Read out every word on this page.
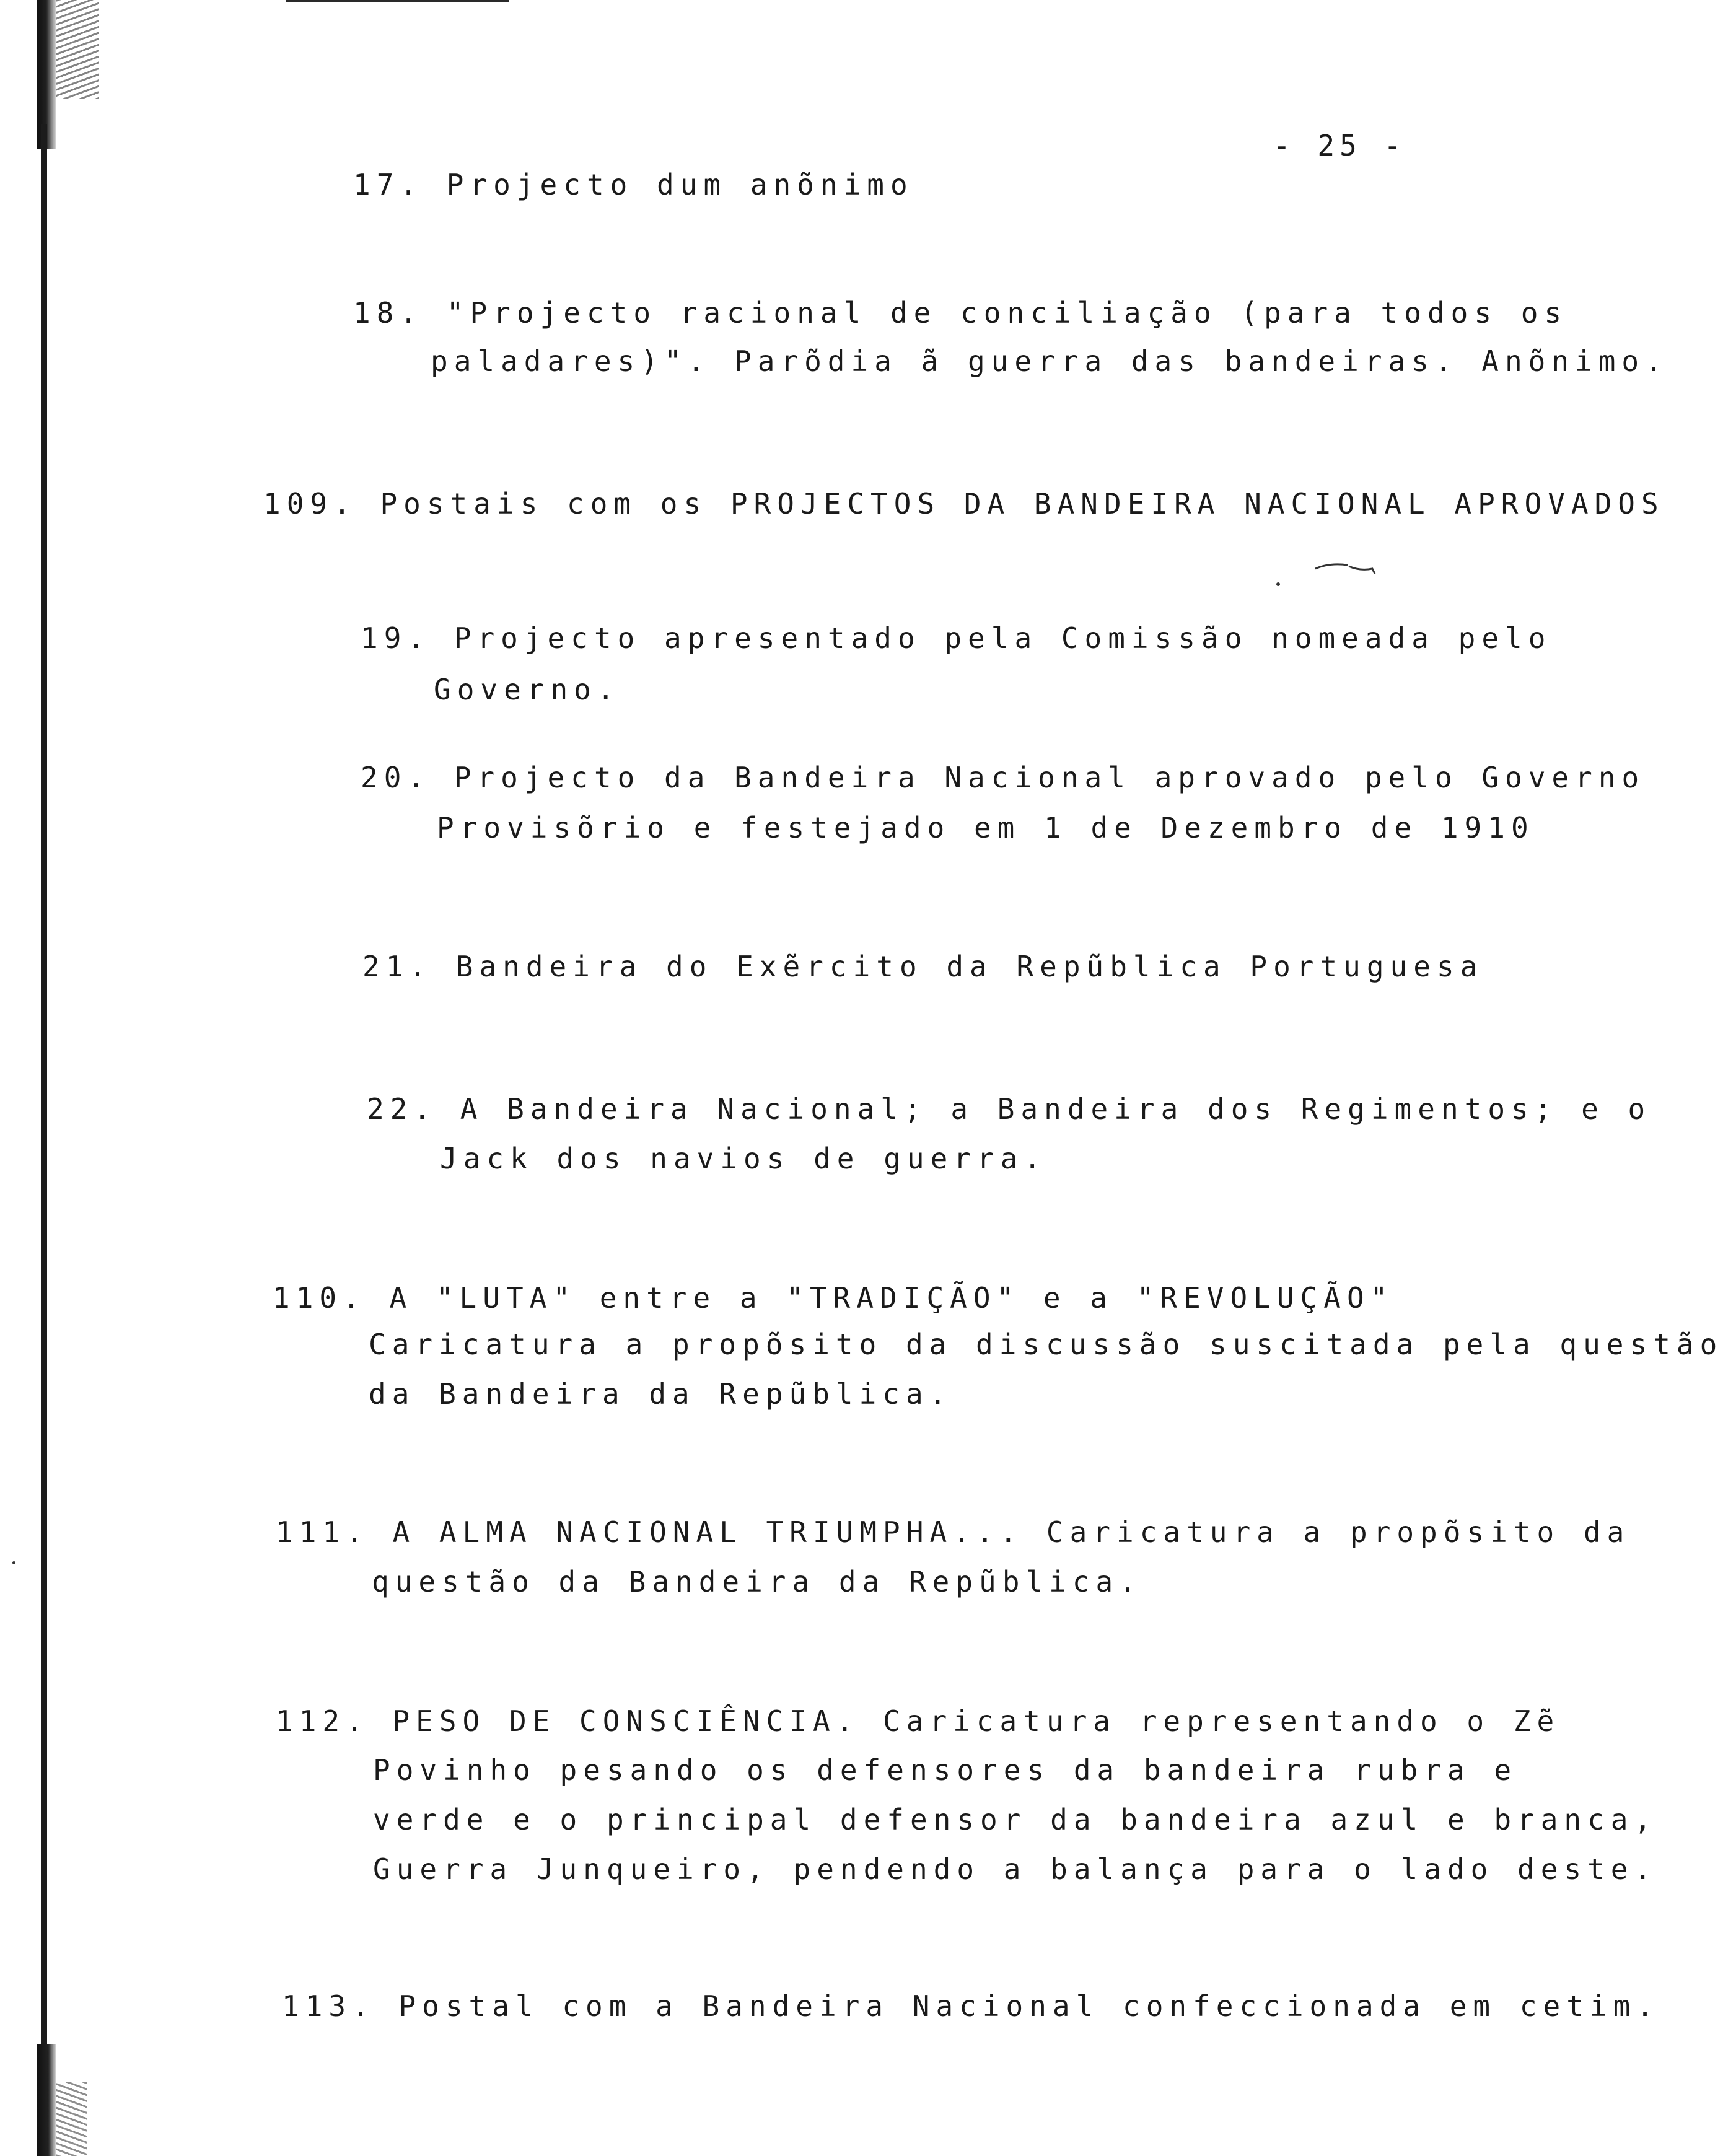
- 25 -
17. Projecto dum anõnimo
18. "Projecto racional de conciliação (para todos os
paladares)". Parõdia ã guerra das bandeiras. Anõnimo.
109. Postais com os PROJECTOS DA BANDEIRA NACIONAL APROVADOS
19. Projecto apresentado pela Comissão nomeada pelo
Governo.
20. Projecto da Bandeira Nacional aprovado pelo Governo
Provisõrio e festejado em 1 de Dezembro de 1910
21. Bandeira do Exẽrcito da Repũblica Portuguesa
22. A Bandeira Nacional; a Bandeira dos Regimentos; e o
Jack dos navios de guerra.
110. A "LUTA" entre a "TRADIÇÃO" e a "REVOLUÇÃO"
Caricatura a propõsito da discussão suscitada pela questão
da Bandeira da Repũblica.
111. A ALMA NACIONAL TRIUMPHA... Caricatura a propõsito da
questão da Bandeira da Repũblica.
112. PESO DE CONSCIÊNCIA. Caricatura representando o Zẽ
Povinho pesando os defensores da bandeira rubra e
verde e o principal defensor da bandeira azul e branca,
Guerra Junqueiro, pendendo a balança para o lado deste.
113. Postal com a Bandeira Nacional confeccionada em cetim.
